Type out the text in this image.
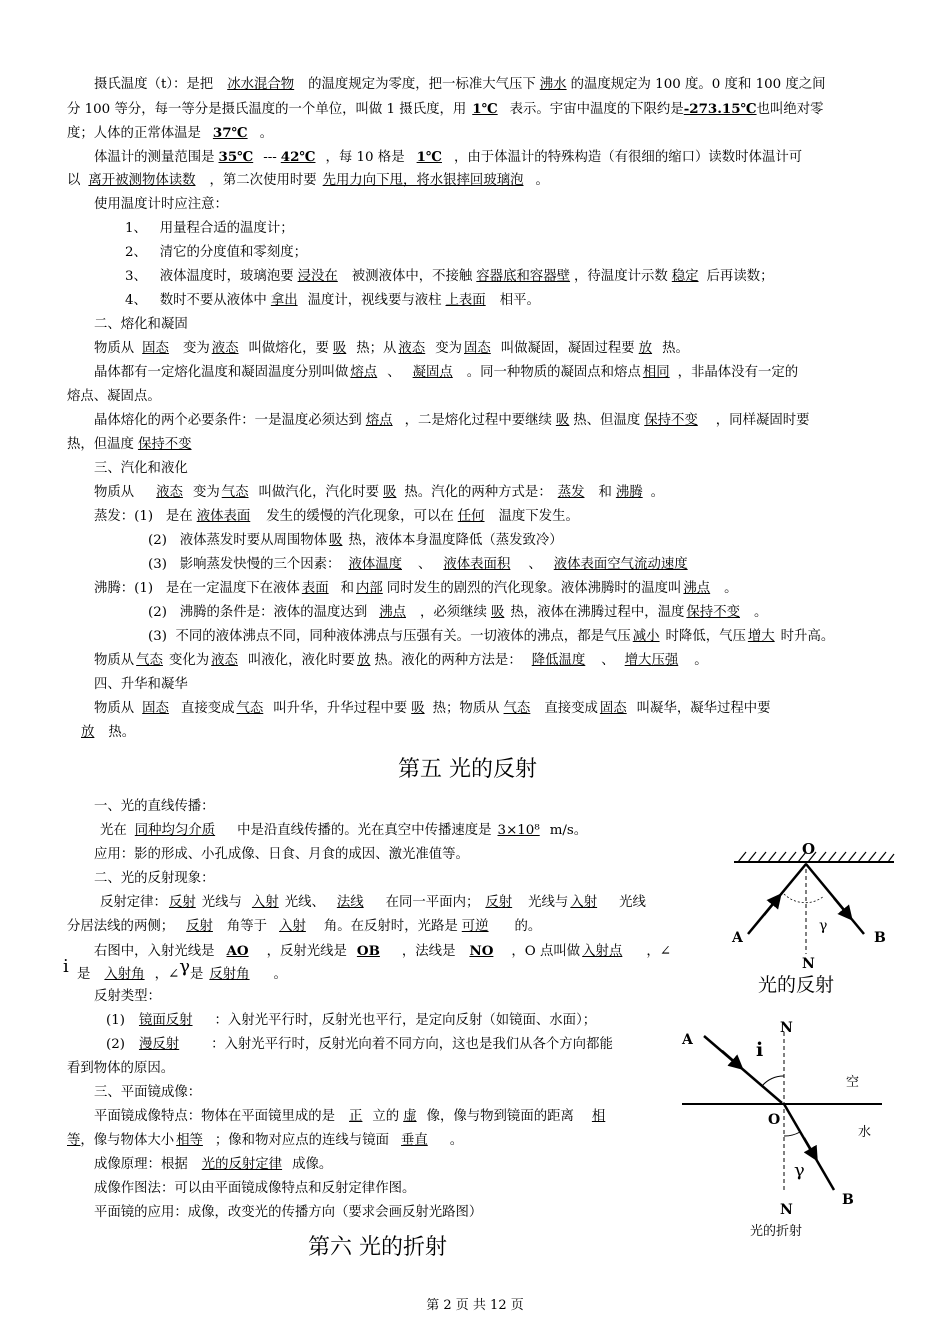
摄氏温度（t）：是把 冰水混合物 的温度规定为零度，把一标准大气压下 沸水 的温度规定为 100 度。0 度和 100 度之间
分 100 等分，每一等分是摄氏温度的一个单位，叫做 1 摄氏度，用 1℃ 表示。宇宙中温度的下限约是-273.15℃也叫绝对零
度；人体的正常体温是 37℃ 。
体温计的测量范围是 35℃ --- 42℃ ，每 10 格是 1℃ ，由于体温计的特殊构造（有很细的缩口）读数时体温计可
以 离开被测物体读数 ，第二次使用时要 先用力向下甩，将水银摔回玻璃泡 。
使用温度计时应注意：
1、 用量程合适的温度计；
2、 清它的分度值和零刻度；
3、 液体温度时，玻璃泡要 浸没在 被测液体中，不接触 容器底和容器壁 ，待温度计示数 稳定 后再读数；
4、 数时不要从液体中 拿出 温度计，视线要与液柱 上表面 相平。
二、熔化和凝固
物质从 固态 变为 液态 叫做熔化，要 吸 热；从 液态 变为 固态 叫做凝固，凝固过程要 放 热。
晶体都有一定熔化温度和凝固温度分别叫做 熔点 、 凝固点 。同一种物质的凝固点和熔点 相同 ，非晶体没有一定的
熔点、凝固点。
晶体熔化的两个必要条件：一是温度必须达到 熔点 ，二是熔化过程中要继续 吸 热、但温度 保持不变 ，同样凝固时要
热，但温度 保持不变
三、汽化和液化
物质从 液态 变为 气态 叫做汽化，汽化时要 吸 热。汽化的两种方式是： 蒸发 和 沸腾 。
蒸发：(1) 是在 液体表面 发生的缓慢的汽化现象，可以在 任何 温度下发生。
(2) 液体蒸发时要从周围物体 吸 热，液体本身温度降低（蒸发致冷）
(3) 影响蒸发快慢的三个因素： 液体温度 、 液体表面积 、 液体表面空气流动速度
沸腾：(1) 是在一定温度下在液体 表面 和 内部 同时发生的剧烈的汽化现象。液体沸腾时的温度叫 沸点 。
(2) 沸腾的条件是：液体的温度达到 沸点 ，必须继续 吸 热，液体在沸腾过程中，温度 保持不变 。
(3) 不同的液体沸点不同，同种液体沸点与压强有关。一切液体的沸点，都是气压 减小 时降低，气压 增大 时升高。
物质从 气态 变化为 液态 叫液化，液化时要 放 热。液化的两种方法是： 降低温度 、 增大压强 。
四、升华和凝华
物质从 固态 直接变成 气态 叫升华，升华过程中要 吸 热；物质从 气态 直接变成 固态 叫凝华，凝华过程中要
放 热。
第五 光的反射
一、光的直线传播：
光在 同种均匀介质 中是沿直线传播的。光在真空中传播速度是 3×10⁸ m/s。
应用：影的形成、小孔成像、日食、月食的成因、激光准值等。
二、光的反射现象：
反射定律： 反射 光线与 入射 光线、 法线 在同一平面内； 反射 光线与 入射 光线
分居法线的两侧； 反射 角等于 入射 角。在反射时，光路是 可逆 的。
右图中，入射光线是 AO ，反射光线是 OB ，法线是 NO ，O 点叫做 入射点 ，∠
i 是 入射角 ，∠γ是 反射角 。
反射类型：
(1) 镜面反射 ：入射光平行时，反射光也平行，是定向反射（如镜面、水面）；
(2) 漫反射 ：入射光平行时，反射光向着不同方向，这也是我们从各个方向都能
看到物体的原因。
三、平面镜成像：
平面镜成像特点：物体在平面镜里成的是 正 立的 虚 像，像与物到镜面的距离 相
等，像与物体大小 相等 ；像和物对应点的连线与镜面 垂直 。
成像原理：根据 光的反射定律 成像。
成像作图法：可以由平面镜成像特点和反射定律作图。
平面镜的应用：成像，改变光的传播方向（要求会画反射光路图）
第六 光的折射
O
A	B
N
γ
光的反射
A
N
i
O
空
水
γ
N
B
光的折射
第 2 页 共 12 页
